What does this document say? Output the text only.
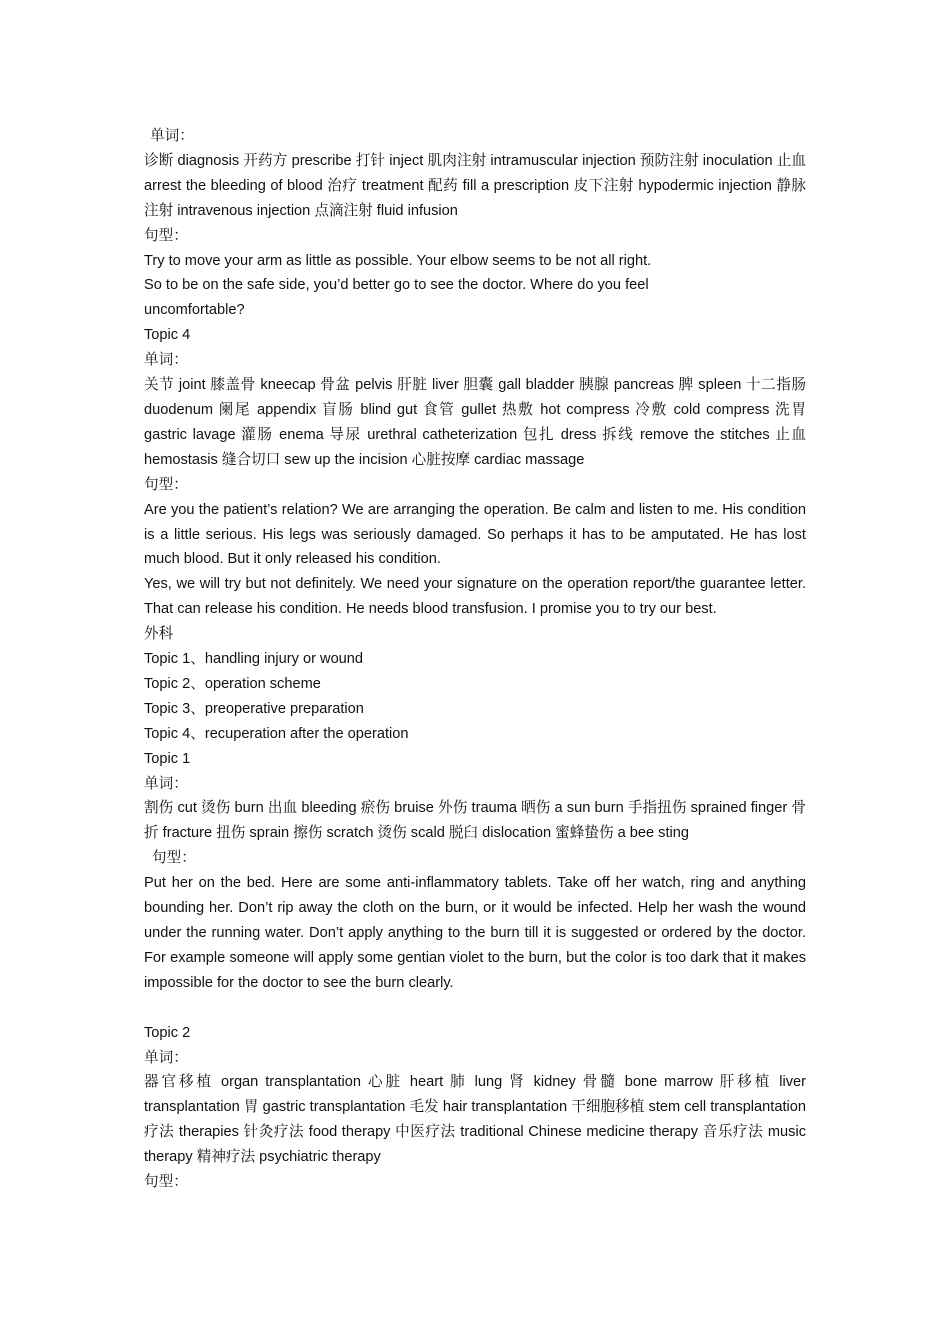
单词：

诊断 diagnosis 开药方 prescribe 打针 inject 肌肉注射 intramuscular injection 预防注射 inoculation 止血 arrest the bleeding of blood 治疗 treatment 配药 fill a prescription 皮下注射 hypodermic injection 静脉注射 intravenous injection 点滴注射 fluid infusion

句型：

Try to move your arm as little as possible. Your elbow seems to be not all right.

So to be on the safe side, you’d better go to see the doctor. Where do you feel uncomfortable?

Topic 4

单词：

关节 joint 膝盖骨 kneecap 骨盆 pelvis 肝脏 liver 胆囊 gall bladder 胰腺 pancreas 脾 spleen 十二指肠 duodenum 阑尾 appendix 盲肠 blind gut 食管 gullet 热敷 hot compress 冷敷 cold compress 洗胃 gastric lavage 灌肠 enema 导尿 urethral catheterization 包扎 dress 拆线 remove the stitches 止血 hemostasis 缝合切口 sew up the incision 心脏按摩 cardiac massage

句型：

Are you the patient’s relation? We are arranging the operation. Be calm and listen to me. His condition is a little serious. His legs was seriously damaged. So perhaps it has to be amputated. He has lost much blood. But it only released his condition.

Yes, we will try but not definitely. We need your signature on the operation report/the guarantee letter. That can release his condition. He needs blood transfusion. I promise you to try our best.

外科

Topic 1、handling injury or wound

Topic 2、operation scheme

Topic 3、preoperative preparation

Topic 4、recuperation after the operation

Topic 1

单词：

割伤 cut 烫伤 burn 出血 bleeding 瘀伤 bruise 外伤 trauma 晒伤 a sun burn 手指扭伤 sprained finger 骨折 fracture 扭伤 sprain 擦伤 scratch 烫伤 scald 脱臼 dislocation 蜜蜂蛰伤 a bee sting

句型：

Put her on the bed. Here are some anti-inflammatory tablets. Take off her watch, ring and anything bounding her. Don’t rip away the cloth on the burn, or it would be infected. Help her wash the wound under the running water. Don’t apply anything to the burn till it is suggested or ordered by the doctor. For example someone will apply some gentian violet to the burn, but the color is too dark that it makes impossible for the doctor to see the burn clearly.

Topic 2

单词：

器官移植 organ transplantation 心脏 heart 肺 lung 肾 kidney 骨髓 bone marrow 肝移植 liver transplantation 胃 gastric transplantation 毛发 hair transplantation 干细胞移植 stem cell transplantation 疗法 therapies 针灸疗法 food therapy 中医疗法 traditional Chinese medicine therapy 音乐疗法 music therapy 精神疗法 psychiatric therapy

句型：
